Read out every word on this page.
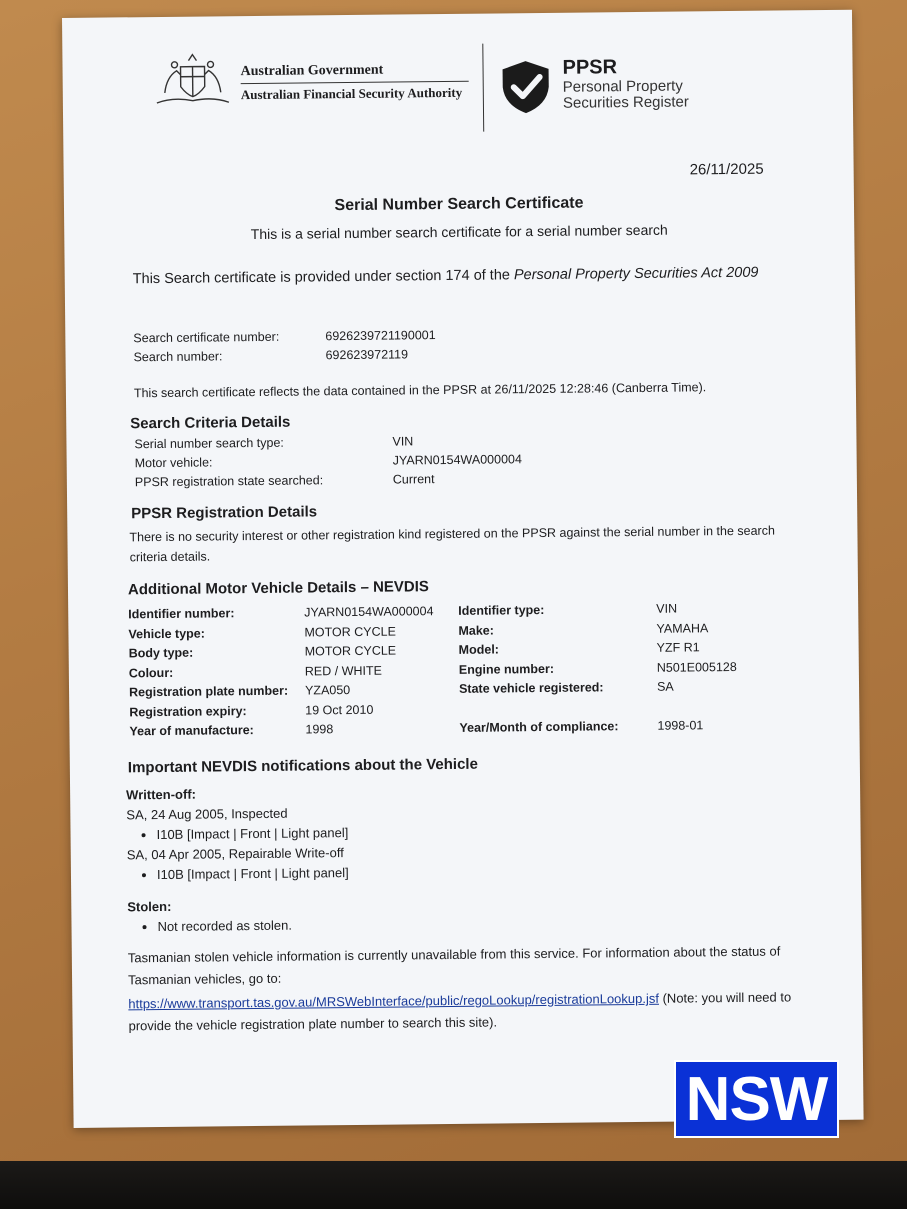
Australian Government
Australian Financial Security Authority
PPSR
Personal Property
Securities Register
26/11/2025
Serial Number Search Certificate
This is a serial number search certificate for a serial number search
This Search certificate is provided under section 174 of the Personal Property Securities Act 2009
Search certificate number:	6926239721190001
Search number:	692623972119
This search certificate reflects the data contained in the PPSR at 26/11/2025 12:28:46 (Canberra Time).
Search Criteria Details
Serial number search type:	VIN
Motor vehicle:	JYARN0154WA000004
PPSR registration state searched:	Current
PPSR Registration Details
There is no security interest or other registration kind registered on the PPSR against the serial number in the search criteria details.
Additional Motor Vehicle Details – NEVDIS
Identifier number:	JYARN0154WA000004
Vehicle type:	MOTOR CYCLE
Body type:	MOTOR CYCLE
Colour:	RED / WHITE
Registration plate number: YZA050
Registration expiry:	19 Oct 2010
Year of manufacture:	1998
Identifier type:	VIN
Make:	YAMAHA
Model:	YZF R1
Engine number:	N501E005128
State vehicle registered:	SA
Year/Month of compliance:	1998-01
Important NEVDIS notifications about the Vehicle
Written-off:
SA, 24 Aug 2005, Inspected
• I10B [Impact | Front | Light panel]
SA, 04 Apr 2005, Repairable Write-off
• I10B [Impact | Front | Light panel]
Stolen:
• Not recorded as stolen.
Tasmanian stolen vehicle information is currently unavailable from this service. For information about the status of Tasmanian vehicles, go to:
https://www.transport.tas.gov.au/MRSWebInterface/public/regoLookup/registrationLookup.jsf (Note: you will need to provide the vehicle registration plate number to search this site).
NSW
